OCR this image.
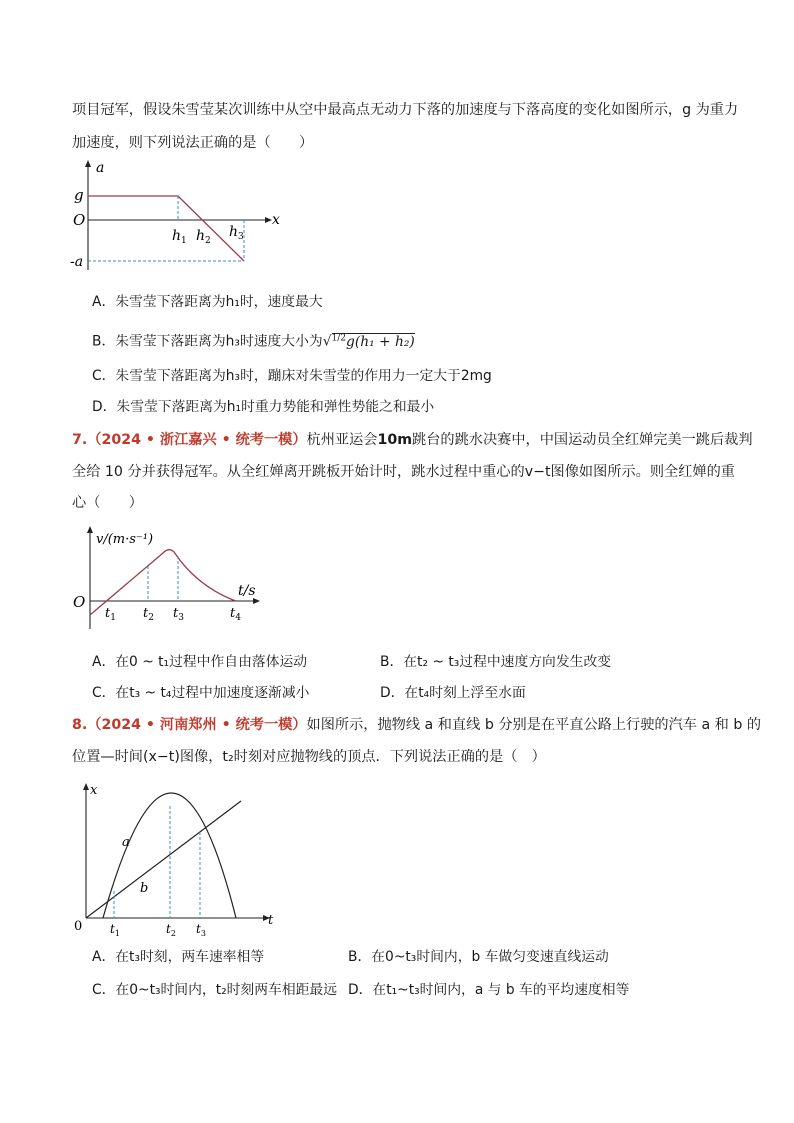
项目冠军，假设朱雪莹某次训练中从空中最高点无动力下落的加速度与下落高度的变化如图所示，g 为重力
加速度，则下列说法正确的是（　　）
a
g
O
-a
x
$h_1$ $h_2$
$h_3$
A．朱雪莹下落距离为h₁时，速度最大
B．朱雪莹下落距离为h₃时速度大小为√$^{1/2}$g(h₁ + h₂)
C．朱雪莹下落距离为h₃时，蹦床对朱雪莹的作用力一定大于2mg
D．朱雪莹下落距离为h₁时重力势能和弹性势能之和最小
7.（2024 • 浙江嘉兴 • 统考一模）杭州亚运会10m跳台的跳水决赛中，中国运动员全红婵完美一跳后裁判
全给 10 分并获得冠军。从全红婵离开跳板开始计时，跳水过程中重心的v−t图像如图所示。则全红婵的重
心（　　）
v/(m·s⁻¹)
t/s
O
$t_1$ $t_2$ $t_3$	$t_4$
A．在0 ~ t₁过程中作自由落体运动	B．在t₂ ~ t₃过程中速度方向发生改变
C．在t₃ ~ t₄过程中加速度逐渐减小	D．在t₄时刻上浮至水面
8.（2024 • 河南郑州 • 统考一模）如图所示，抛物线 a 和直线 b 分别是在平直公路上行驶的汽车 a 和 b 的
位置—时间(x−t)图像，t₂时刻对应抛物线的顶点．下列说法正确的是（　）
x
t
0
a
b
$t_1$	$t_2$ $t_3$
A．在t₃时刻，两车速率相等	B．在0~t₃时间内，b 车做匀变速直线运动
C．在0~t₃时间内，t₂时刻两车相距最远 D．在t₁~t₃时间内，a 与 b 车的平均速度相等
